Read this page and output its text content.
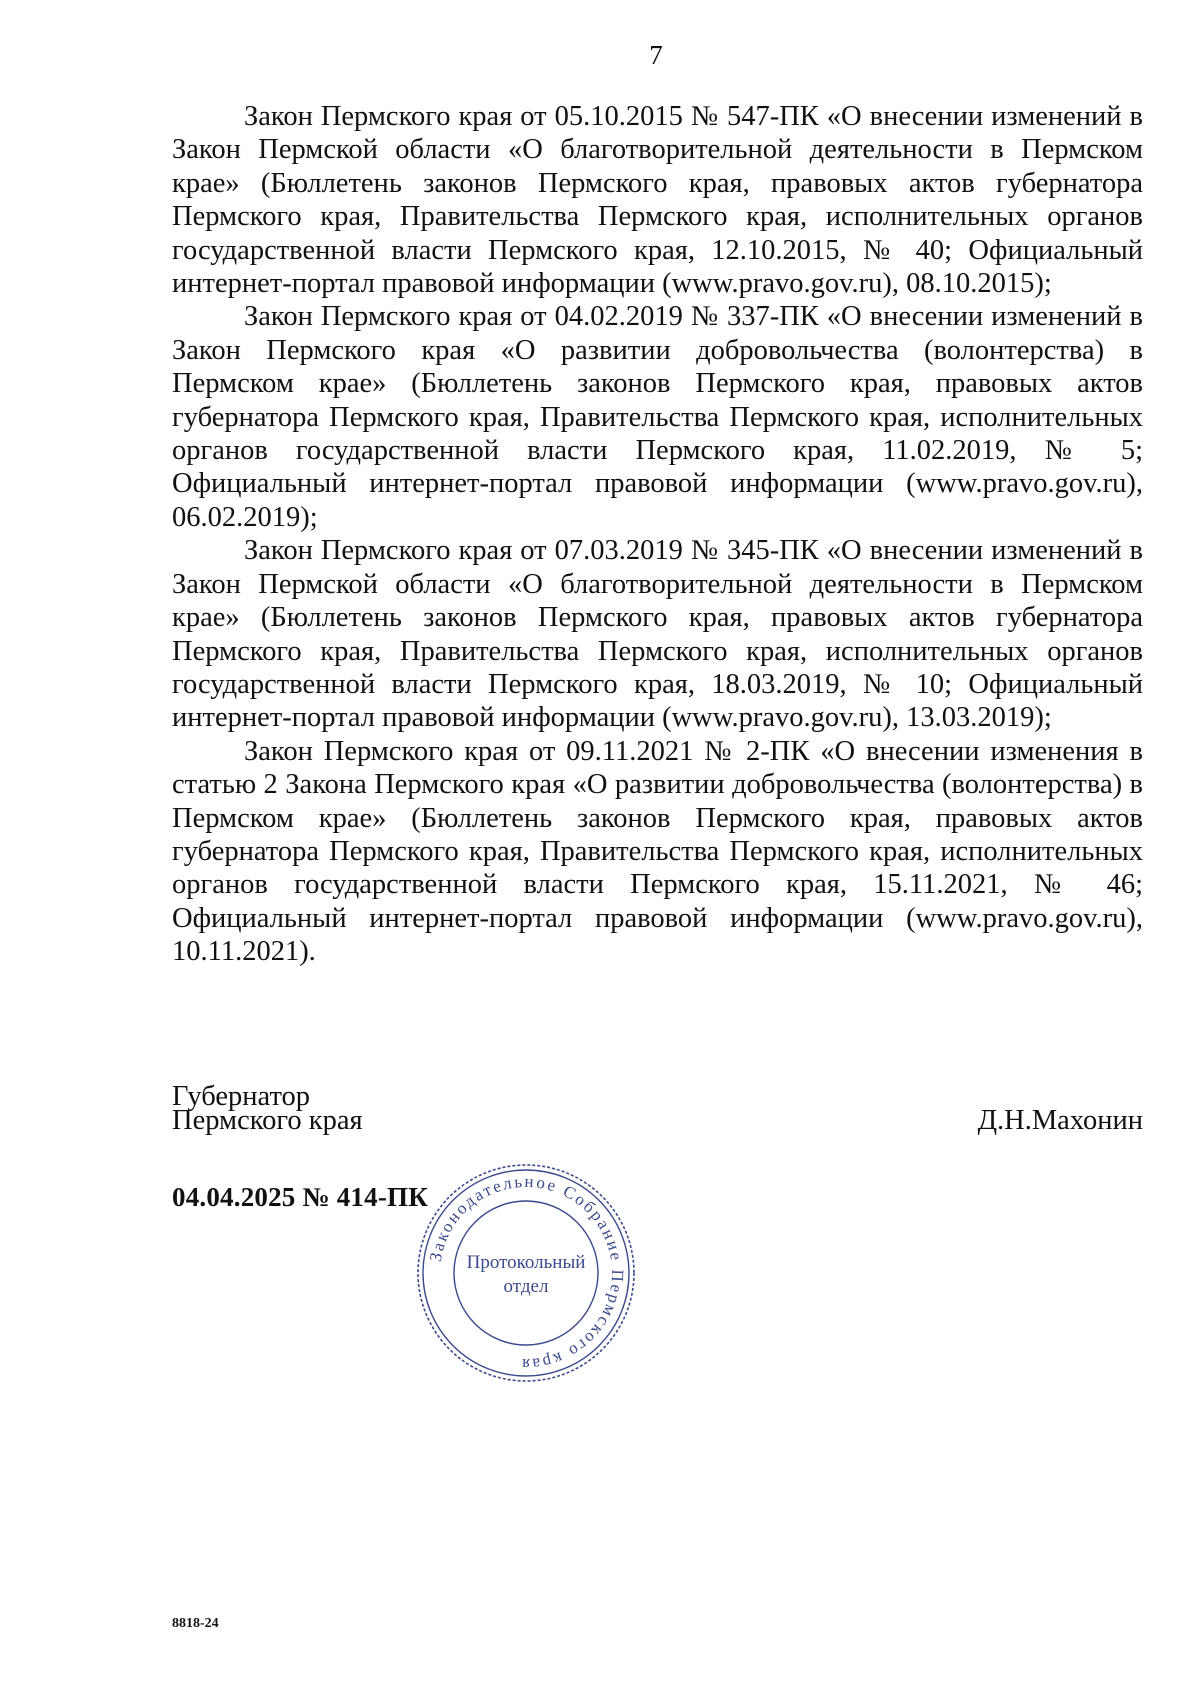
7

Закон Пермского края от 05.10.2015 № 547-ПК «О внесении изменений в Закон Пермской области «О благотворительной деятельности в Пермском крае» (Бюллетень законов Пермского края, правовых актов губернатора Пермского края, Правительства Пермского края, исполнительных органов государственной власти Пермского края, 12.10.2015, № 40; Официальный интернет-портал правовой информации (www.pravo.gov.ru), 08.10.2015);

Закон Пермского края от 04.02.2019 № 337-ПК «О внесении изменений в Закон Пермского края «О развитии добровольчества (волонтерства) в Пермском крае» (Бюллетень законов Пермского края, правовых актов губернатора Пермского края, Правительства Пермского края, исполнительных органов государственной власти Пермского края, 11.02.2019, № 5; Официальный интернет-портал правовой информации (www.pravo.gov.ru), 06.02.2019);

Закон Пермского края от 07.03.2019 № 345-ПК «О внесении изменений в Закон Пермской области «О благотворительной деятельности в Пермском крае» (Бюллетень законов Пермского края, правовых актов губернатора Пермского края, Правительства Пермского края, исполнительных органов государственной власти Пермского края, 18.03.2019, № 10; Официальный интернет-портал правовой информации (www.pravo.gov.ru), 13.03.2019);

Закон Пермского края от 09.11.2021 № 2-ПК «О внесении изменения в статью 2 Закона Пермского края «О развитии добровольчества (волонтерства) в Пермском крае» (Бюллетень законов Пермского края, правовых актов губернатора Пермского края, Правительства Пермского края, исполнительных органов государственной власти Пермского края, 15.11.2021, № 46; Официальный интернет-портал правовой информации (www.pravo.gov.ru), 10.11.2021).

Губернатор
Пермского края	Д.Н.Махонин
04.04.2025 № 414-ПК
Законодательное Собрание Пермского края
Протокольный
отдел
8818-24
